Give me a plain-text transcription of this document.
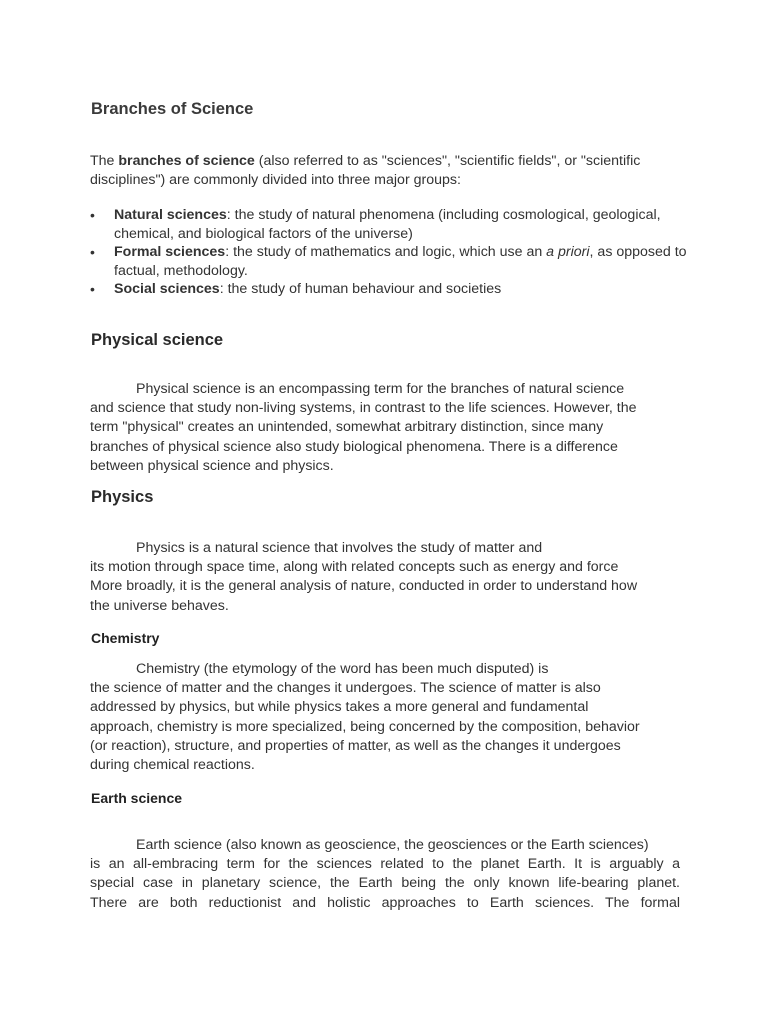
Branches of Science

The branches of science (also referred to as "sciences", "scientific fields", or "scientific disciplines") are commonly divided into three major groups:

• Natural sciences: the study of natural phenomena (including cosmological, geological, chemical, and biological factors of the universe)
• Formal sciences: the study of mathematics and logic, which use an a priori, as opposed to factual, methodology.
• Social sciences: the study of human behaviour and societies
Physical science

Physical science is an encompassing term for the branches of natural science
and science that study non-living systems, in contrast to the life sciences. However, the
term "physical" creates an unintended, somewhat arbitrary distinction, since many
branches of physical science also study biological phenomena. There is a difference
between physical science and physics.

Physics

Physics is a natural science that involves the study of matter and
its motion through space time, along with related concepts such as energy and force
More broadly, it is the general analysis of nature, conducted in order to understand how
the universe behaves.

Chemistry

Chemistry (the etymology of the word has been much disputed) is
the science of matter and the changes it undergoes. The science of matter is also
addressed by physics, but while physics takes a more general and fundamental
approach, chemistry is more specialized, being concerned by the composition, behavior
(or reaction), structure, and properties of matter, as well as the changes it undergoes
during chemical reactions.

Earth science

Earth science (also known as geoscience, the geosciences or the Earth sciences)
is an all-embracing term for the sciences related to the planet Earth. It is arguably a
special case in planetary science, the Earth being the only known life-bearing planet.
There are both reductionist and holistic approaches to Earth sciences. The formal
